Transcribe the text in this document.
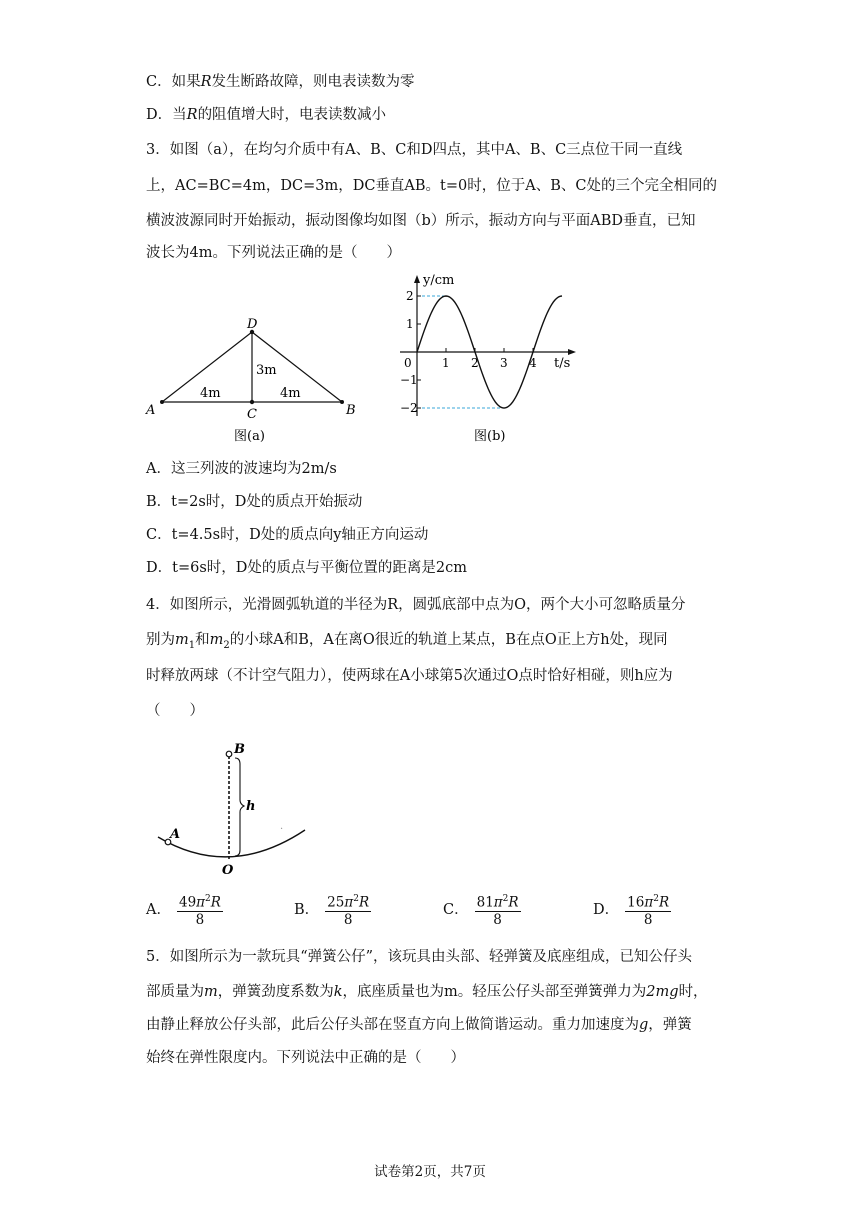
C．如果R发生断路故障，则电表读数为零
D．当R的阻值增大时，电表读数减小
3．如图（a），在均匀介质中有A、B、C和D四点，其中A、B、C三点位干同一直线
上，AC=BC=4m，DC=3m，DC垂直AB。t=0时，位于A、B、C处的三个完全相同的
横波波源同时开始振动，振动图像均如图（b）所示，振动方向与平面ABD垂直，已知
波长为4m。下列说法正确的是（　　）
A	B
C
D
4m	4m
3m
图(a)
y/cm
t/s
0
2
1
−1
−2
1 2 3 4
图(b)
A．这三列波的波速均为2m/s
B．t=2s时，D处的质点开始振动
C．t=4.5s时，D处的质点向y轴正方向运动
D．t=6s时，D处的质点与平衡位置的距离是2cm
4．如图所示，光滑圆弧轨道的半径为R，圆弧底部中点为O，两个大小可忽略质量分
别为$m_1$和$m_2$的小球A和B，A在离O很近的轨道上某点，B在点O正上方h处，现同
时释放两球（不计空气阻力），使两球在A小球第5次通过O点时恰好相碰，则h应为
（　　）
B
A
O
h
·
A． $\frac{49\pi^2R}{8}$	B． $\frac{25\pi^2R}{8}$	C． $\frac{81\pi^2R}{8}$	D． $\frac{16\pi^2R}{8}$
5．如图所示为一款玩具“弹簧公仔”，该玩具由头部、轻弹簧及底座组成，已知公仔头
部质量为m，弹簧劲度系数为k，底座质量也为m。轻压公仔头部至弹簧弹力为2mg时，
由静止释放公仔头部，此后公仔头部在竖直方向上做简谐运动。重力加速度为g，弹簧
始终在弹性限度内。下列说法中正确的是（　　）
试卷第2页，共7页
